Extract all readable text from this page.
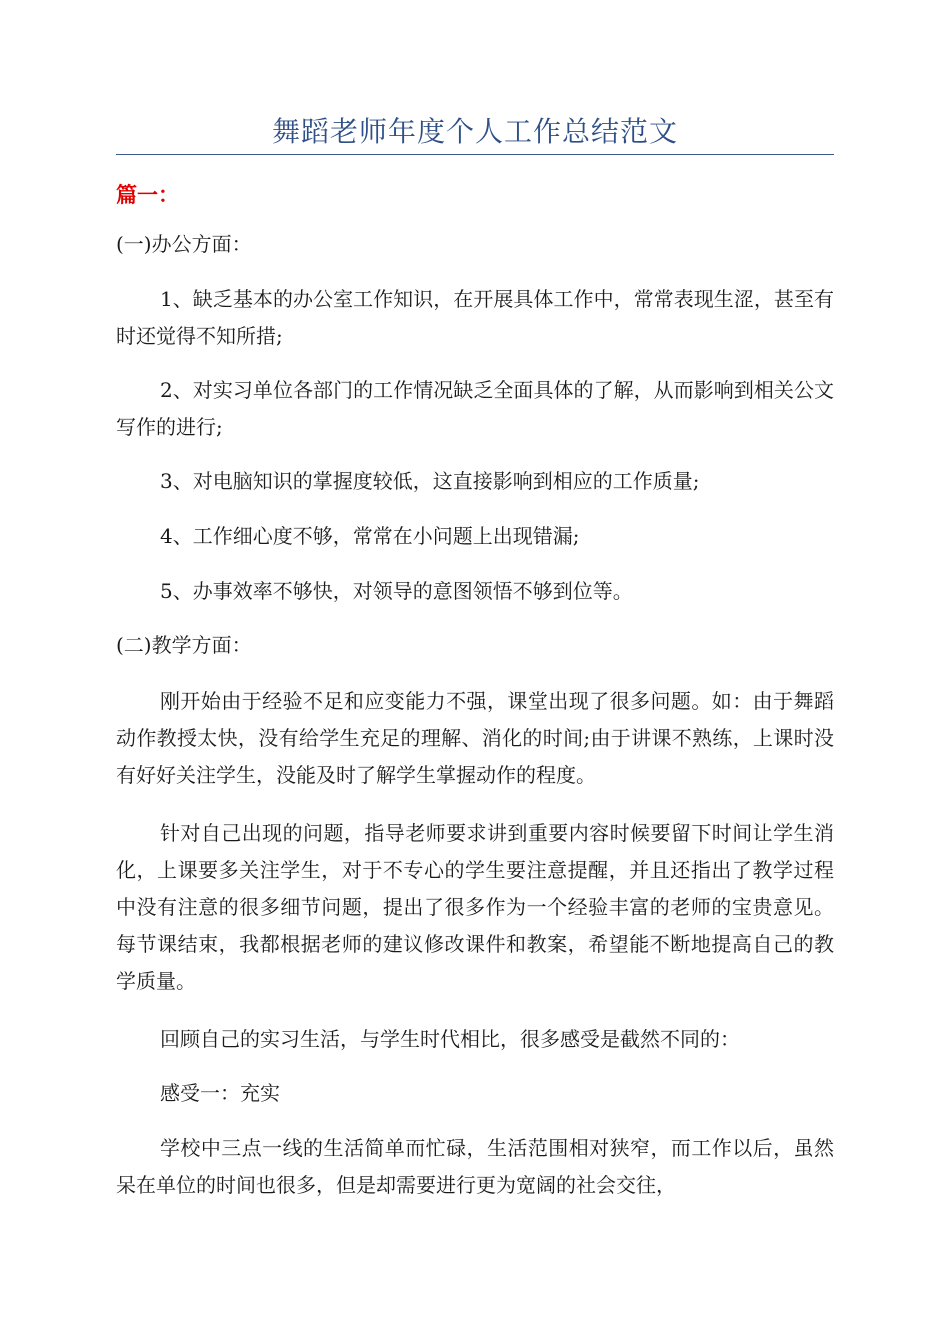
舞蹈老师年度个人工作总结范文
篇一：

(一)办公方面：

1、缺乏基本的办公室工作知识，在开展具体工作中，常常表现生涩，甚至有时还觉得不知所措;

2、对实习单位各部门的工作情况缺乏全面具体的了解，从而影响到相关公文写作的进行;

3、对电脑知识的掌握度较低，这直接影响到相应的工作质量;

4、工作细心度不够，常常在小问题上出现错漏;

5、办事效率不够快，对领导的意图领悟不够到位等。

(二)教学方面：

刚开始由于经验不足和应变能力不强，课堂出现了很多问题。如：由于舞蹈动作教授太快，没有给学生充足的理解、消化的时间;由于讲课不熟练，上课时没有好好关注学生，没能及时了解学生掌握动作的程度。

针对自己出现的问题，指导老师要求讲到重要内容时候要留下时间让学生消化，上课要多关注学生，对于不专心的学生要注意提醒，并且还指出了教学过程中没有注意的很多细节问题，提出了很多作为一个经验丰富的老师的宝贵意见。每节课结束，我都根据老师的建议修改课件和教案，希望能不断地提高自己的教学质量。

回顾自己的实习生活，与学生时代相比，很多感受是截然不同的：

感受一：充实

学校中三点一线的生活简单而忙碌，生活范围相对狭窄，而工作以后，虽然呆在单位的时间也很多，但是却需要进行更为宽阔的社会交往，
